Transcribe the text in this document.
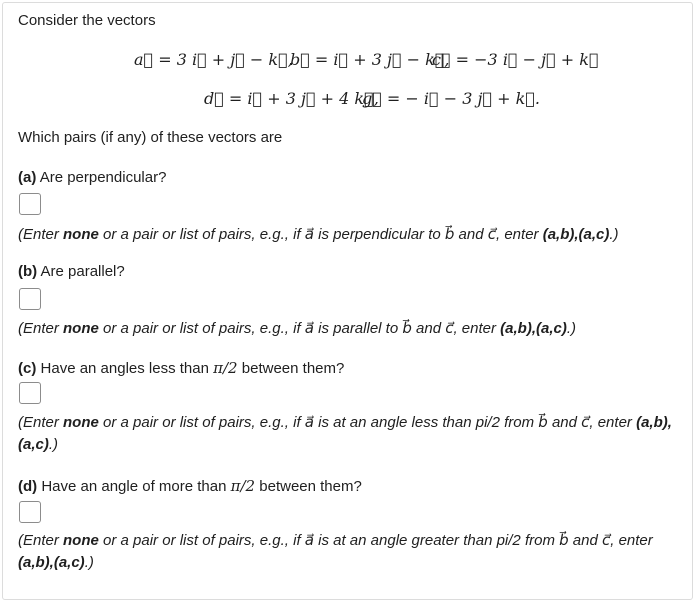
Consider the vectors
a⃗ = 3 i⃗ + j⃗ − k⃗,
b⃗ = i⃗ + 3 j⃗ − k⃗,
c⃗ = −3 i⃗ − j⃗ + k⃗
d⃗ = i⃗ + 3 j⃗ + 4 k⃗,
g⃗ = − i⃗ − 3 j⃗ + k⃗.
Which pairs (if any) of these vectors are
(a) Are perpendicular?
(Enter none or a pair or list of pairs, e.g., if a⃗ is perpendicular to b⃗ and c⃗, enter (a,b),(a,c).)
(b) Are parallel?
(Enter none or a pair or list of pairs, e.g., if a⃗ is parallel to b⃗ and c⃗, enter (a,b),(a,c).)
(c) Have an angles less than π/2 between them?
(Enter none or a pair or list of pairs, e.g., if a⃗ is at an angle less than pi/2 from b⃗ and c⃗, enter (a,b),(a,c).)
(d) Have an angle of more than π/2 between them?
(Enter none or a pair or list of pairs, e.g., if a⃗ is at an angle greater than pi/2 from b⃗ and c⃗, enter (a,b),(a,c).)
